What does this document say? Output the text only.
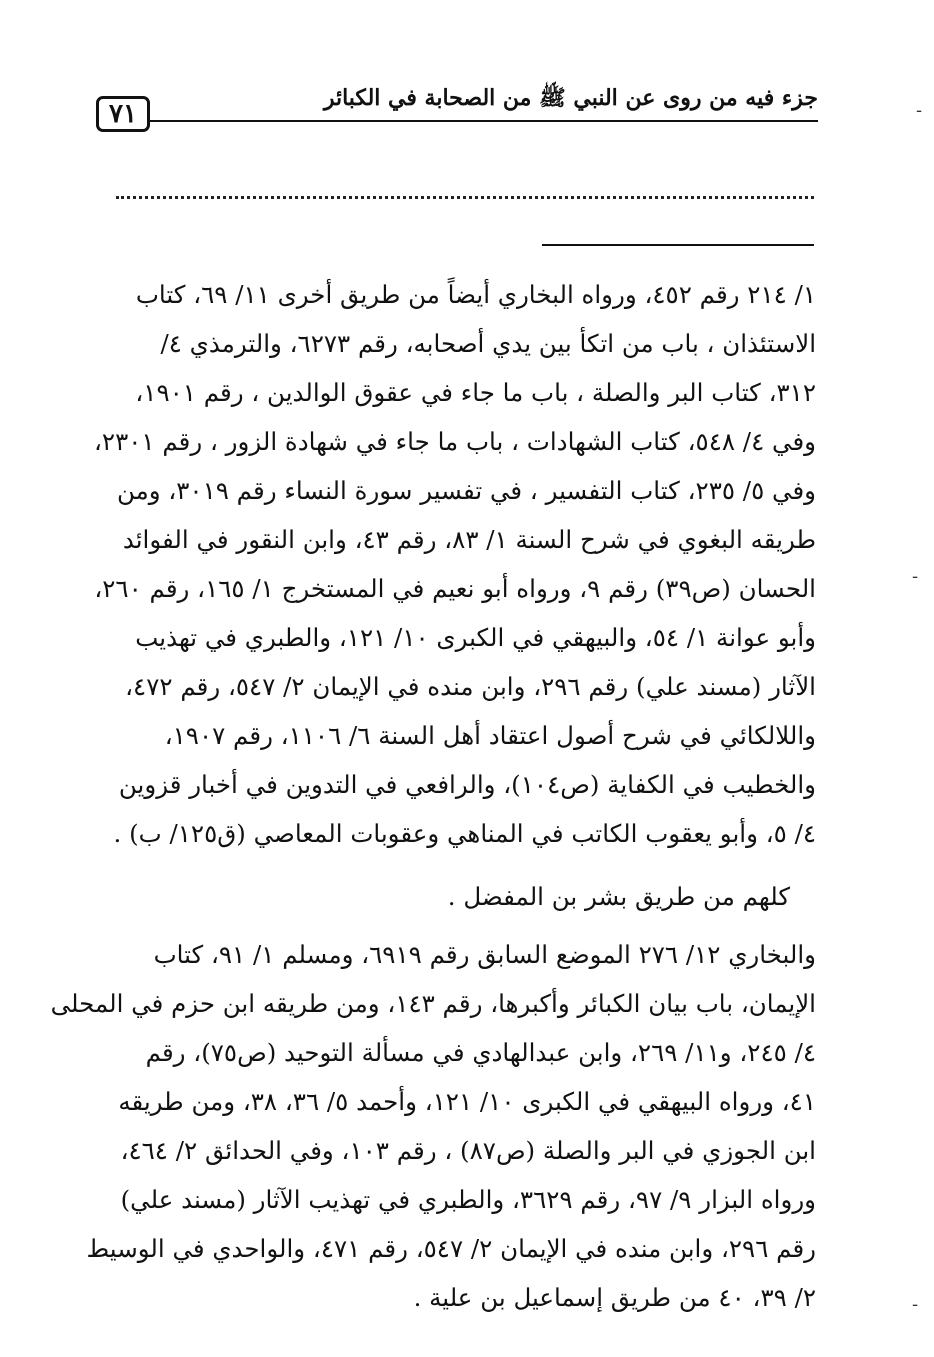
٧١
جزء فيه من روى عن النبي ﷺ من الصحابة في الكبائر
١/ ٢١٤ رقم ٤٥٢، ورواه البخاري أيضاً من طريق أخرى ١١/ ٦٩، كتاب
الاستئذان ، باب من اتكأ بين يدي أصحابه، رقم ٦٢٧٣، والترمذي ٤/
٣١٢، كتاب البر والصلة ، باب ما جاء في عقوق الوالدين ، رقم ١٩٠١،
وفي ٤/ ٥٤٨، كتاب الشهادات ، باب ما جاء في شهادة الزور ، رقم ٢٣٠١،
وفي ٥/ ٢٣٥، كتاب التفسير ، في تفسير سورة النساء رقم ٣٠١٩، ومن
طريقه البغوي في شرح السنة ١/ ٨٣، رقم ٤٣، وابن النقور في الفوائد
الحسان (ص٣٩) رقم ٩، ورواه أبو نعيم في المستخرج ١/ ١٦٥، رقم ٢٦٠،
وأبو عوانة ١/ ٥٤، والبيهقي في الكبرى ١٠/ ١٢١، والطبري في تهذيب
الآثار (مسند علي) رقم ٢٩٦، وابن منده في الإيمان ٢/ ٥٤٧، رقم ٤٧٢،
واللالكائي في شرح أصول اعتقاد أهل السنة ٦/ ١١٠٦، رقم ١٩٠٧،
والخطيب في الكفاية (ص١٠٤)، والرافعي في التدوين في أخبار قزوين
٤/ ٥، وأبو يعقوب الكاتب في المناهي وعقوبات المعاصي (ق١٢٥/ ب) .
كلهم من طريق بشر بن المفضل .
والبخاري ١٢/ ٢٧٦ الموضع السابق رقم ٦٩١٩، ومسلم ١/ ٩١، كتاب
الإيمان، باب بيان الكبائر وأكبرها، رقم ١٤٣، ومن طريقه ابن حزم في المحلى
٤/ ٢٤٥، و١١/ ٢٦٩، وابن عبدالهادي في مسألة التوحيد (ص٧٥)، رقم
٤١، ورواه البيهقي في الكبرى ١٠/ ١٢١، وأحمد ٥/ ٣٦، ٣٨، ومن طريقه
ابن الجوزي في البر والصلة (ص٨٧) ، رقم ١٠٣، وفي الحدائق ٢/ ٤٦٤،
ورواه البزار ٩/ ٩٧، رقم ٣٦٢٩، والطبري في تهذيب الآثار (مسند علي)
رقم ٢٩٦، وابن منده في الإيمان ٢/ ٥٤٧، رقم ٤٧١، والواحدي في الوسيط
٢/ ٣٩، ٤٠ من طريق إسماعيل بن علية .
-
-
-
